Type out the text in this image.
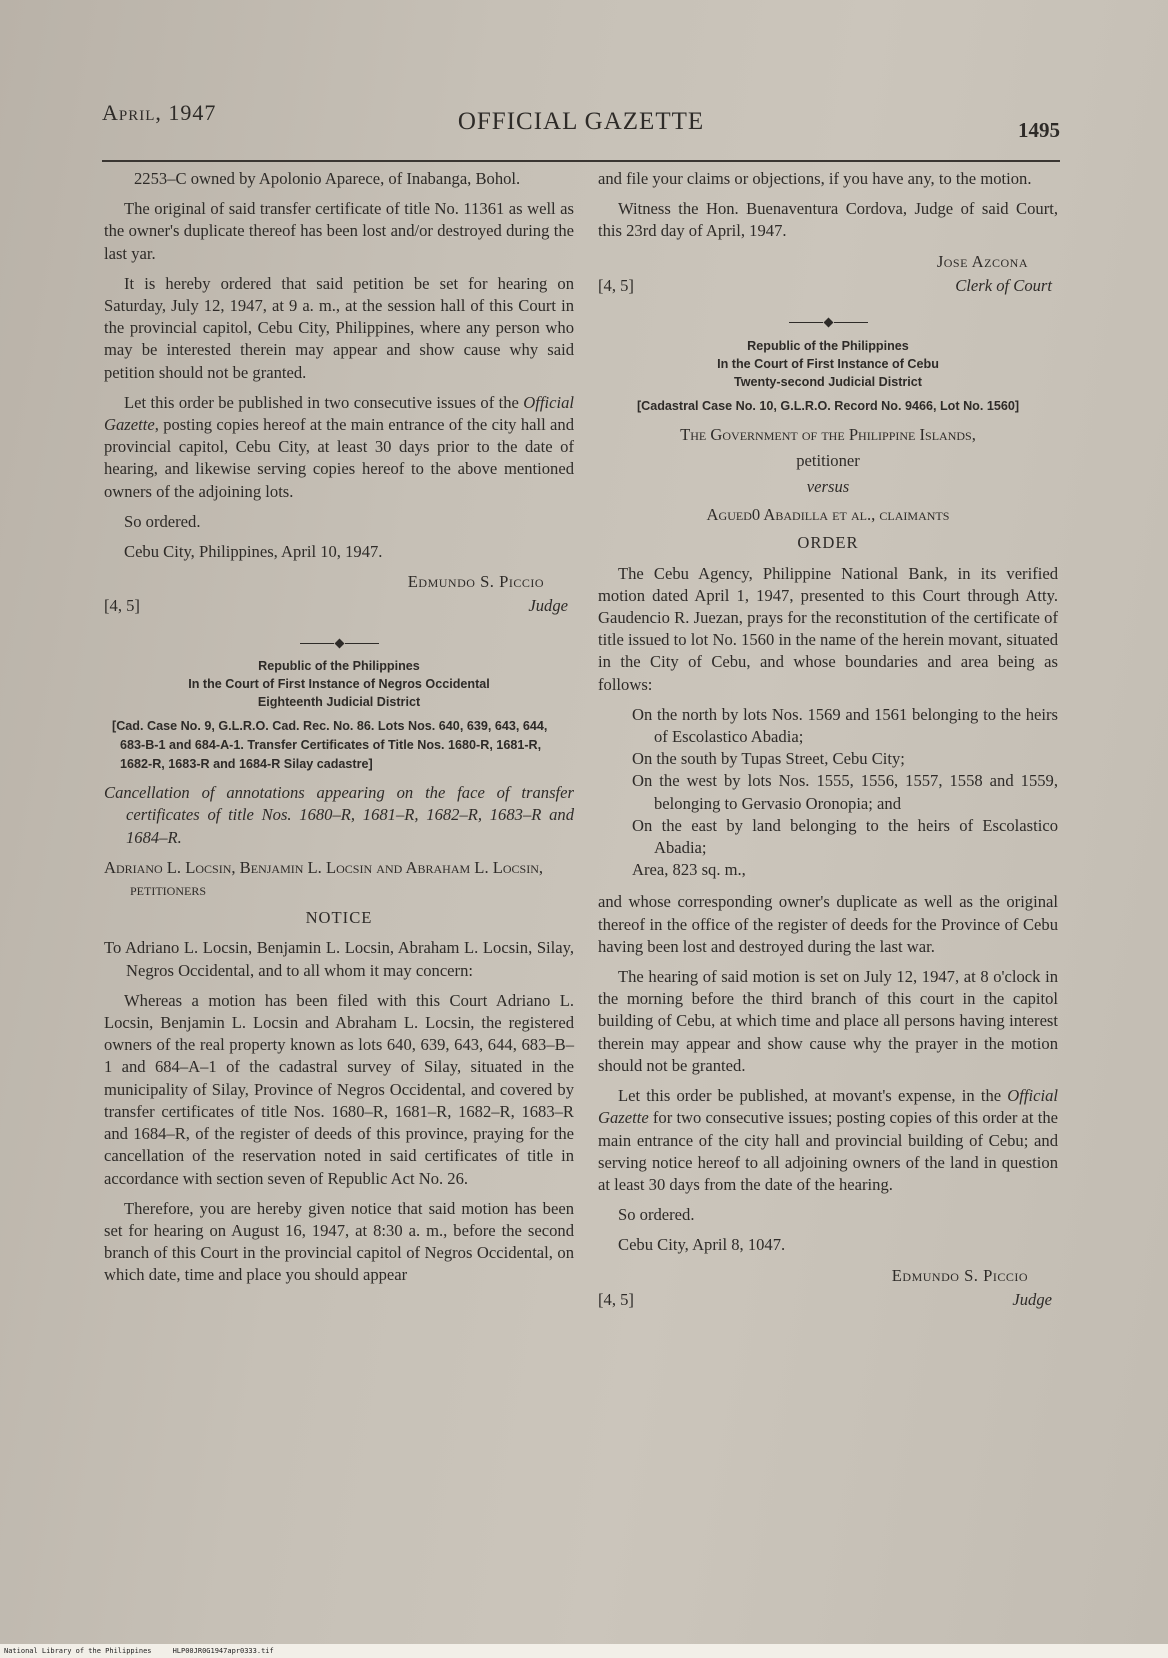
April, 1947	OFFICIAL GAZETTE	1495

2253–C owned by Apolonio Aparece, of Inabanga, Bohol.

The original of said transfer certificate of title No. 11361 as well as the owner's duplicate thereof has been lost and/or destroyed during the last yar.

It is hereby ordered that said petition be set for hearing on Saturday, July 12, 1947, at 9 a. m., at the session hall of this Court in the provincial capitol, Cebu City, Philippines, where any person who may be interested therein may appear and show cause why said petition should not be granted.

Let this order be published in two consecutive issues of the Official Gazette, posting copies hereof at the main entrance of the city hall and provincial capitol, Cebu City, at least 30 days prior to the date of hearing, and likewise serving copies hereof to the above mentioned owners of the adjoining lots.

So ordered.

Cebu City, Philippines, April 10, 1947.

Edmundo S. Piccio
Judge
[4, 5]
Republic of the Philippines
In the Court of First Instance of Negros Occidental
Eighteenth Judicial District
[Cad. Case No. 9, G.L.R.O. Cad. Rec. No. 86. Lots Nos. 640, 639, 643, 644, 683-B-1 and 684-A-1. Transfer Certificates of Title Nos. 1680-R, 1681-R, 1682-R, 1683-R and 1684-R Silay cadastre]
Cancellation of annotations appearing on the face of transfer certificates of title Nos. 1680–R, 1681–R, 1682–R, 1683–R and 1684–R.
Adriano L. Locsin, Benjamin L. Locsin and Abraham L. Locsin, petitioners
NOTICE

To Adriano L. Locsin, Benjamin L. Locsin, Abraham L. Locsin, Silay, Negros Occidental, and to all whom it may concern:

Whereas a motion has been filed with this Court Adriano L. Locsin, Benjamin L. Locsin and Abraham L. Locsin, the registered owners of the real property known as lots 640, 639, 643, 644, 683–B–1 and 684–A–1 of the cadastral survey of Silay, situated in the municipality of Silay, Province of Negros Occidental, and covered by transfer certificates of title Nos. 1680–R, 1681–R, 1682–R, 1683–R and 1684–R, of the register of deeds of this province, praying for the cancellation of the reservation noted in said certificates of title in accordance with section seven of Republic Act No. 26.

Therefore, you are hereby given notice that said motion has been set for hearing on August 16, 1947, at 8:30 a. m., before the second branch of this Court in the provincial capitol of Negros Occidental, on which date, time and place you should appear

and file your claims or objections, if you have any, to the motion.

Witness the Hon. Buenaventura Cordova, Judge of said Court, this 23rd day of April, 1947.

Jose Azcona
Clerk of Court
[4, 5]
Republic of the Philippines
In the Court of First Instance of Cebu
Twenty-second Judicial District
[Cadastral Case No. 10, G.L.R.O. Record No. 9466, Lot No. 1560]
The Government of the Philippine Islands,
petitioner
versus
Agued0 Abadilla et al., claimants
ORDER

The Cebu Agency, Philippine National Bank, in its verified motion dated April 1, 1947, presented to this Court through Atty. Gaudencio R. Juezan, prays for the reconstitution of the certificate of title issued to lot No. 1560 in the name of the herein movant, situated in the City of Cebu, and whose boundaries and area being as follows:

On the north by lots Nos. 1569 and 1561 belonging to the heirs of Escolastico Abadia;
On the south by Tupas Street, Cebu City;
On the west by lots Nos. 1555, 1556, 1557, 1558 and 1559, belonging to Gervasio Oronopia; and
On the east by land belonging to the heirs of Escolastico Abadia;
Area, 823 sq. m.,

and whose corresponding owner's duplicate as well as the original thereof in the office of the register of deeds for the Province of Cebu having been lost and destroyed during the last war.

The hearing of said motion is set on July 12, 1947, at 8 o'clock in the morning before the third branch of this court in the capitol building of Cebu, at which time and place all persons having interest therein may appear and show cause why the prayer in the motion should not be granted.

Let this order be published, at movant's expense, in the Official Gazette for two consecutive issues; posting copies of this order at the main entrance of the city hall and provincial building of Cebu; and serving notice hereof to all adjoining owners of the land in question at least 30 days from the date of the hearing.

So ordered.

Cebu City, April 8, 1047.

Edmundo S. Piccio
Judge
[4, 5]
National Library of the Philippines     HLP00JR0G1947apr0333.tif
